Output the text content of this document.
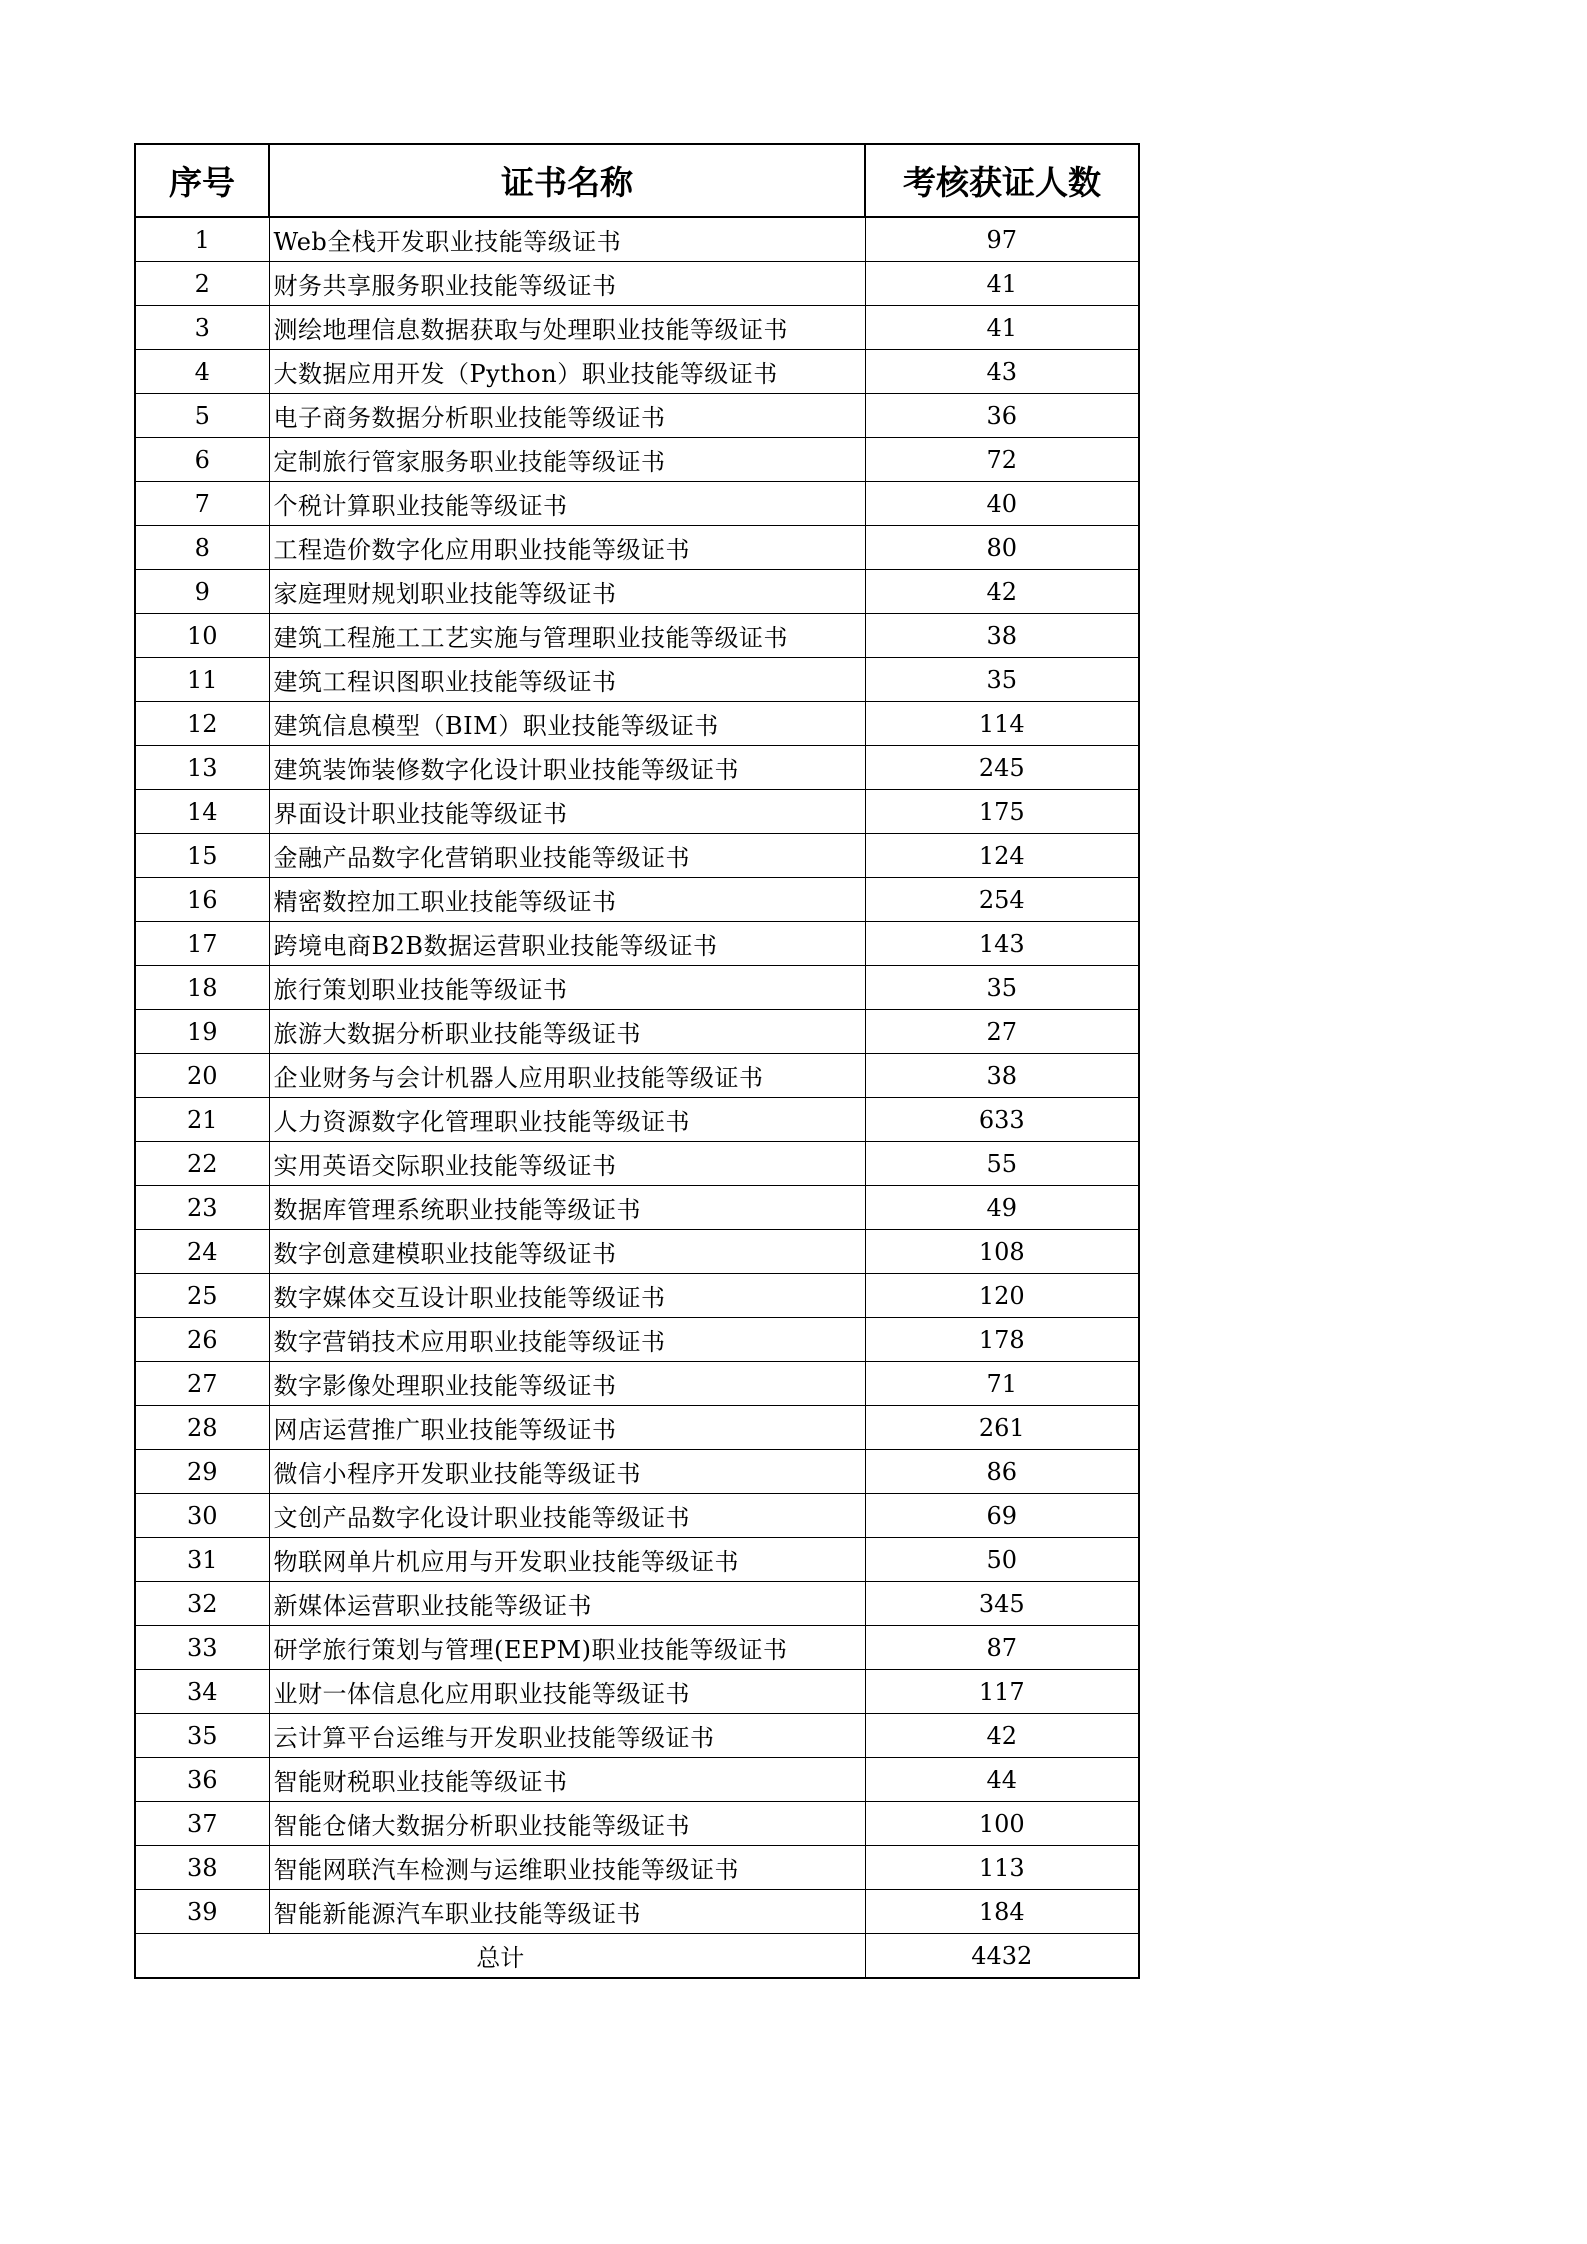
序号	证书名称	考核获证人数
1	Web全栈开发职业技能等级证书	97
2	财务共享服务职业技能等级证书	41
3	测绘地理信息数据获取与处理职业技能等级证书	41
4	大数据应用开发（Python）职业技能等级证书	43
5	电子商务数据分析职业技能等级证书	36
6	定制旅行管家服务职业技能等级证书	72
7	个税计算职业技能等级证书	40
8	工程造价数字化应用职业技能等级证书	80
9	家庭理财规划职业技能等级证书	42
10	建筑工程施工工艺实施与管理职业技能等级证书	38
11	建筑工程识图职业技能等级证书	35
12	建筑信息模型（BIM）职业技能等级证书	114
13	建筑装饰装修数字化设计职业技能等级证书	245
14	界面设计职业技能等级证书	175
15	金融产品数字化营销职业技能等级证书	124
16	精密数控加工职业技能等级证书	254
17	跨境电商B2B数据运营职业技能等级证书	143
18	旅行策划职业技能等级证书	35
19	旅游大数据分析职业技能等级证书	27
20	企业财务与会计机器人应用职业技能等级证书	38
21	人力资源数字化管理职业技能等级证书	633
22	实用英语交际职业技能等级证书	55
23	数据库管理系统职业技能等级证书	49
24	数字创意建模职业技能等级证书	108
25	数字媒体交互设计职业技能等级证书	120
26	数字营销技术应用职业技能等级证书	178
27	数字影像处理职业技能等级证书	71
28	网店运营推广职业技能等级证书	261
29	微信小程序开发职业技能等级证书	86
30	文创产品数字化设计职业技能等级证书	69
31	物联网单片机应用与开发职业技能等级证书	50
32	新媒体运营职业技能等级证书	345
33	研学旅行策划与管理(EEPM)职业技能等级证书	87
34	业财一体信息化应用职业技能等级证书	117
35	云计算平台运维与开发职业技能等级证书	42
36	智能财税职业技能等级证书	44
37	智能仓储大数据分析职业技能等级证书	100
38	智能网联汽车检测与运维职业技能等级证书	113
39	智能新能源汽车职业技能等级证书	184
总计		4432
